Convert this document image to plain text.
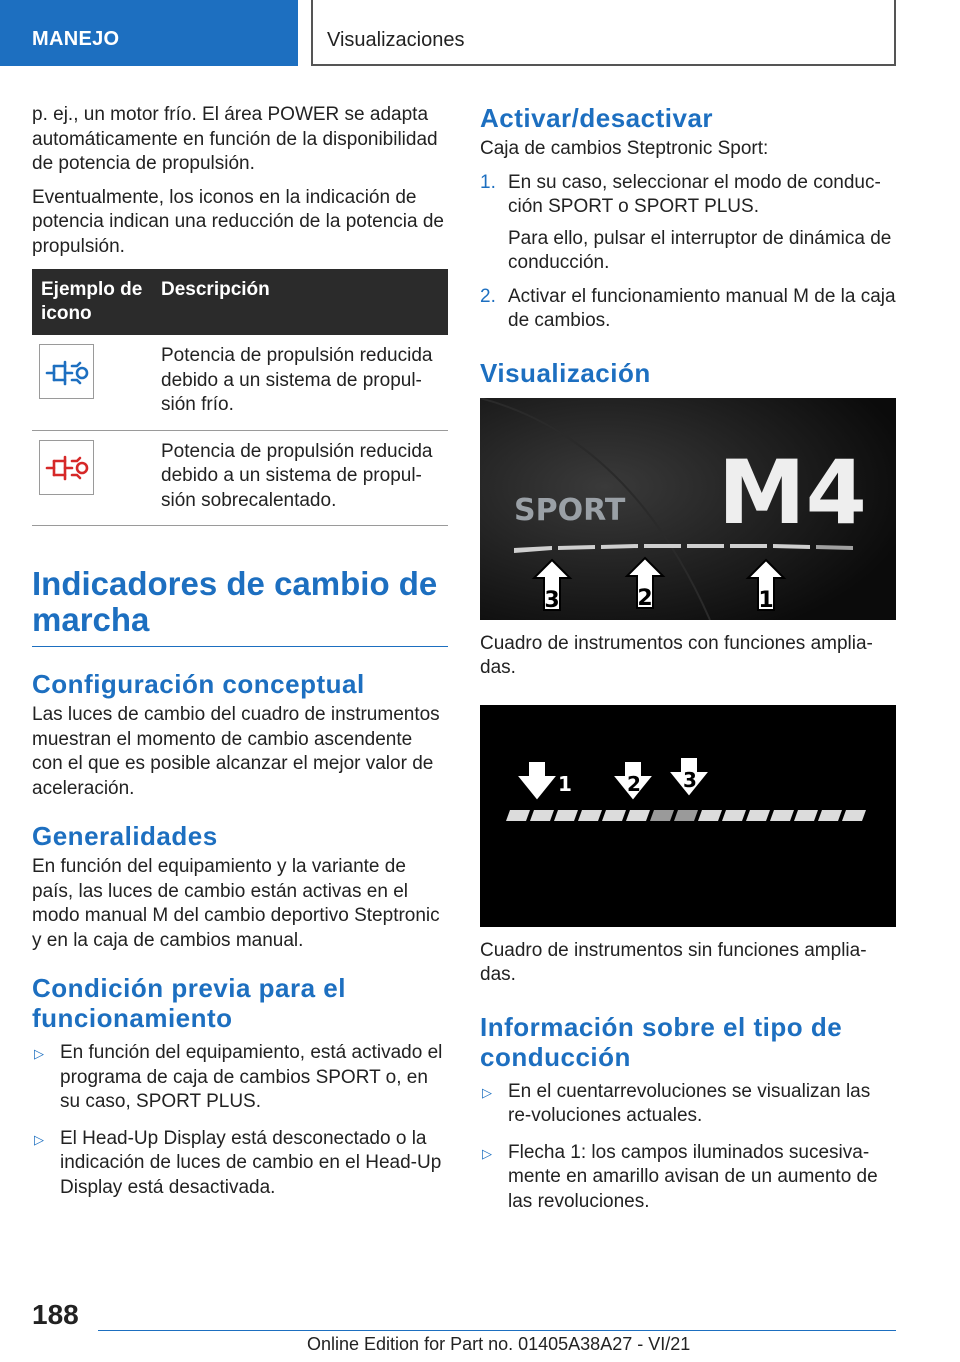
MANEJO	Visualizaciones

p. ej., un motor frío. El área POWER se adapta automáticamente en función de la disponibilidad de potencia de propulsión.

Eventualmente, los iconos en la indicación de potencia indican una reducción de la potencia de propulsión.

Ejemplo de icono	Descripción

	Potencia de propulsión reducida debido a un sistema de propul-sión frío.

	Potencia de propulsión reducida debido a un sistema de propul-sión sobrecalentado.
Indicadores de cambio de marcha
Configuración conceptual

Las luces de cambio del cuadro de instrumentos muestran el momento de cambio ascendente con el que es posible alcanzar el mejor valor de aceleración.

Generalidades

En función del equipamiento y la variante de país, las luces de cambio están activas en el modo manual M del cambio deportivo Steptronic y en la caja de cambios manual.

Condición previa para el funcionamiento
▷ En función del equipamiento, está activado el programa de caja de cambios SPORT o, en su caso, SPORT PLUS.
▷ El Head-Up Display está desconectado o la indicación de luces de cambio en el Head-Up Display está desactivada.
Activar/desactivar

Caja de cambios Steptronic Sport:

1. En su caso, seleccionar el modo de conduc-ción SPORT o SPORT PLUS.

Para ello, pulsar el interruptor de dinámica de conducción.

2. Activar el funcionamiento manual M de la caja de cambios.
Visualización
SPORT M4
3	2	1

Cuadro de instrumentos con funciones amplia-das.

1	2 3

Cuadro de instrumentos sin funciones amplia-das.

Información sobre el tipo de conducción
▷ En el cuentarrevoluciones se visualizan las re-voluciones actuales.
▷ Flecha 1: los campos iluminados sucesiva-mente en amarillo avisan de un aumento de las revoluciones.
188
Online Edition for Part no. 01405A38A27 - VI/21
